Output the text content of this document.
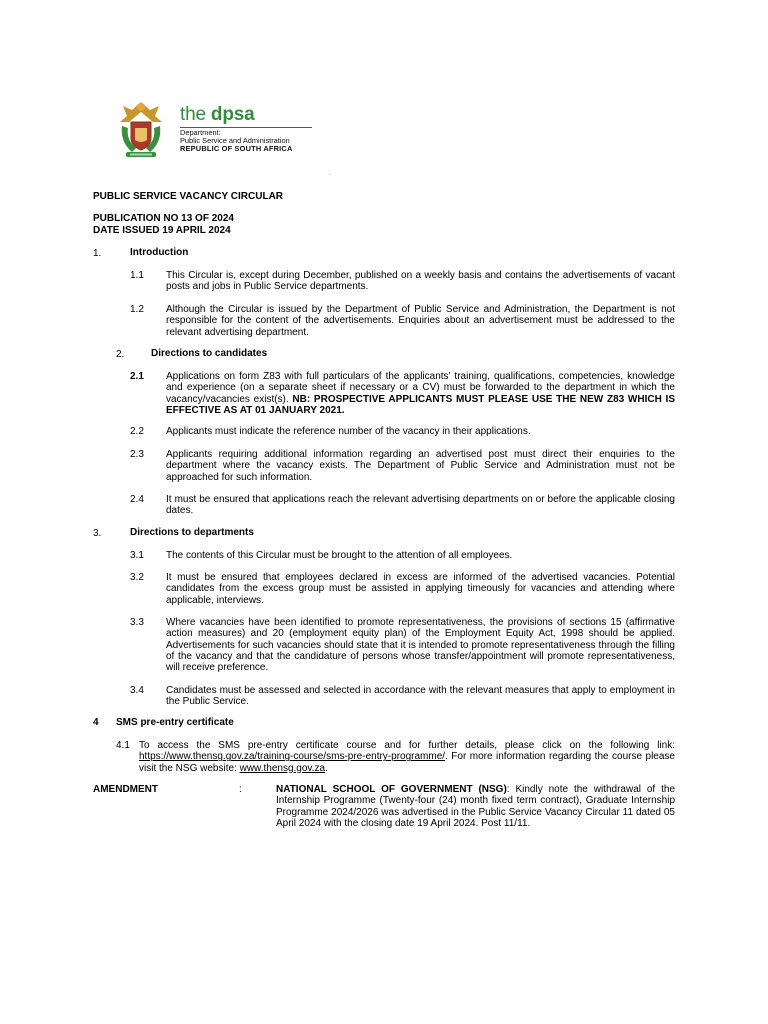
the dpsa
Department:
Public Service and Administration
REPUBLIC OF SOUTH AFRICA
.
PUBLIC SERVICE VACANCY CIRCULAR
PUBLICATION NO 13 OF 2024
DATE ISSUED 19 APRIL 2024
1.	Introduction
1.1 This Circular is, except during December, published on a weekly basis and contains the advertisements of vacant posts and jobs in Public Service departments.
1.2 Although the Circular is issued by the Department of Public Service and Administration, the Department is not responsible for the content of the advertisements. Enquiries about an advertisement must be addressed to the relevant advertising department.
2.	Directions to candidates
2.1 Applications on form Z83 with full particulars of the applicants’ training, qualifications, competencies, knowledge and experience (on a separate sheet if necessary or a CV) must be forwarded to the department in which the vacancy/vacancies exist(s). NB: PROSPECTIVE APPLICANTS MUST PLEASE USE THE NEW Z83 WHICH IS EFFECTIVE AS AT 01 JANUARY 2021.
2.2 Applicants must indicate the reference number of the vacancy in their applications.
2.3 Applicants requiring additional information regarding an advertised post must direct their enquiries to the department where the vacancy exists. The Department of Public Service and Administration must not be approached for such information.
2.4 It must be ensured that applications reach the relevant advertising departments on or before the applicable closing dates.
3.	Directions to departments
3.1 The contents of this Circular must be brought to the attention of all employees.
3.2 It must be ensured that employees declared in excess are informed of the advertised vacancies. Potential candidates from the excess group must be assisted in applying timeously for vacancies and attending where applicable, interviews.
3.3 Where vacancies have been identified to promote representativeness, the provisions of sections 15 (affirmative action measures) and 20 (employment equity plan) of the Employment Equity Act, 1998 should be applied. Advertisements for such vacancies should state that it is intended to promote representativeness through the filling of the vacancy and that the candidature of persons whose transfer/appointment will promote representativeness, will receive preference.
3.4 Candidates must be assessed and selected in accordance with the relevant measures that apply to employment in the Public Service.
4 SMS pre-entry certificate
4.1 To access the SMS pre-entry certificate course and for further details, please click on the following link: https://www.thensg.gov.za/training-course/sms-pre-entry-programme/. For more information regarding the course please visit the NSG website: www.thensg.gov.za.
AMENDMENT	:	NATIONAL SCHOOL OF GOVERNMENT (NSG): Kindly note the withdrawal of the Internship Programme (Twenty-four (24) month fixed term contract), Graduate Internship Programme 2024/2026 was advertised in the Public Service Vacancy Circular 11 dated 05 April 2024 with the closing date 19 April 2024. Post 11/11.
